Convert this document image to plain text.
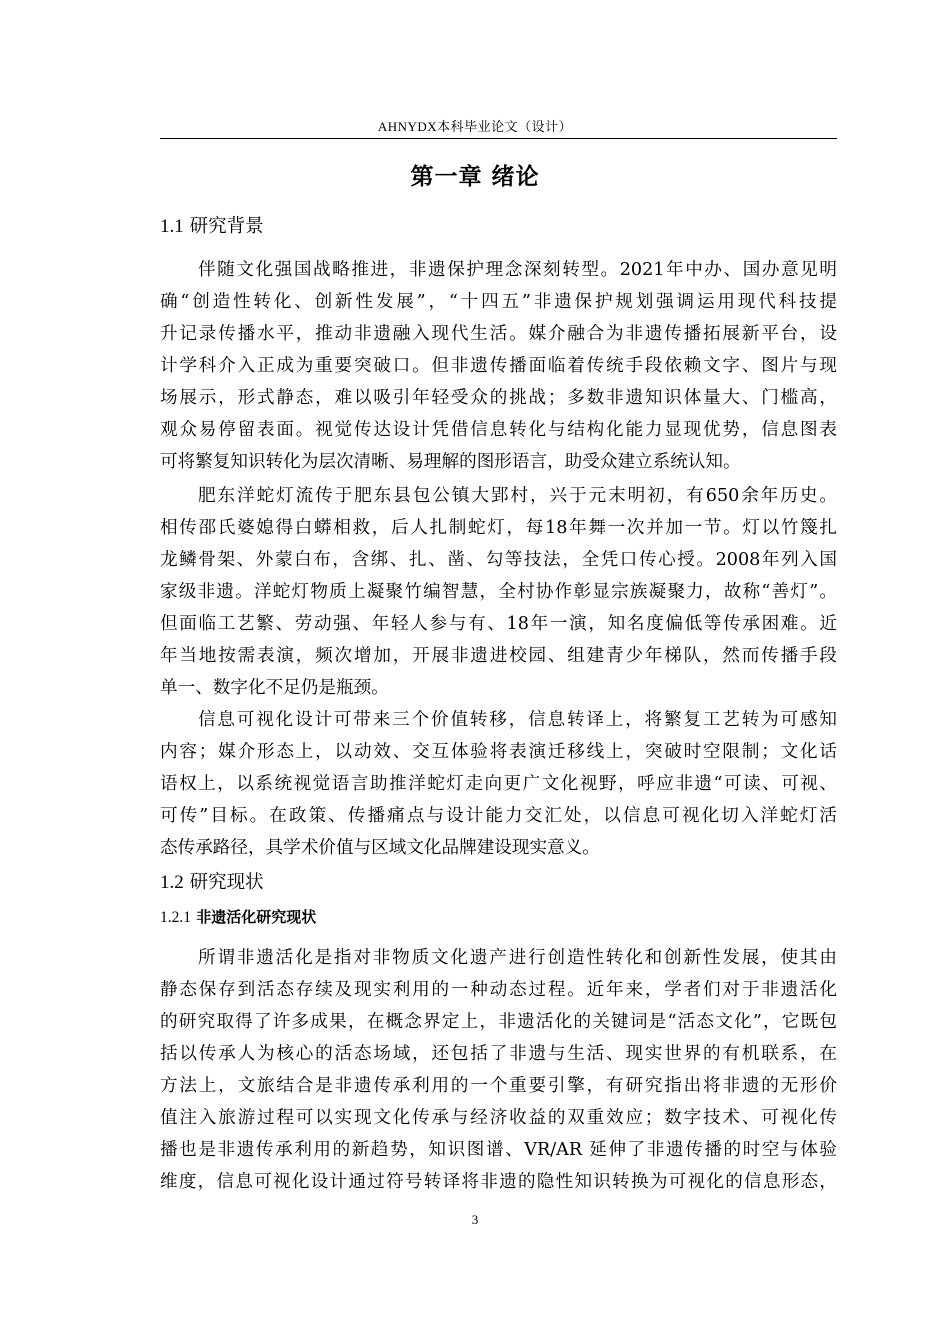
AHNYDX本科毕业论文（设计）
第一章 绪论
1.1 研究背景
伴随文化强国战略推进，非遗保护理念深刻转型。2021年中办、国办意见明
确“创造性转化、创新性发展”，“十四五”非遗保护规划强调运用现代科技提
升记录传播水平，推动非遗融入现代生活。媒介融合为非遗传播拓展新平台，设
计学科介入正成为重要突破口。但非遗传播面临着传统手段依赖文字、图片与现
场展示，形式静态，难以吸引年轻受众的挑战；多数非遗知识体量大、门槛高，
观众易停留表面。视觉传达设计凭借信息转化与结构化能力显现优势，信息图表
可将繁复知识转化为层次清晰、易理解的图形语言，助受众建立系统认知。
肥东洋蛇灯流传于肥东县包公镇大郢村，兴于元末明初，有650余年历史。
相传邵氏婆媳得白蟒相救，后人扎制蛇灯，每18年舞一次并加一节。灯以竹篾扎
龙鳞骨架、外蒙白布，含绑、扎、凿、勾等技法，全凭口传心授。2008年列入国
家级非遗。洋蛇灯物质上凝聚竹编智慧，全村协作彰显宗族凝聚力，故称“善灯”。
但面临工艺繁、劳动强、年轻人参与有、18年一演，知名度偏低等传承困难。近
年当地按需表演，频次增加，开展非遗进校园、组建青少年梯队，然而传播手段
单一、数字化不足仍是瓶颈。
信息可视化设计可带来三个价值转移，信息转译上，将繁复工艺转为可感知
内容；媒介形态上，以动效、交互体验将表演迁移线上，突破时空限制；文化话
语权上，以系统视觉语言助推洋蛇灯走向更广文化视野，呼应非遗“可读、可视、
可传”目标。在政策、传播痛点与设计能力交汇处，以信息可视化切入洋蛇灯活
态传承路径，具学术价值与区域文化品牌建设现实意义。
1.2 研究现状
1.2.1 非遗活化研究现状
所谓非遗活化是指对非物质文化遗产进行创造性转化和创新性发展，使其由
静态保存到活态存续及现实利用的一种动态过程。近年来，学者们对于非遗活化
的研究取得了许多成果，在概念界定上，非遗活化的关键词是“活态文化”，它既包
括以传承人为核心的活态场域，还包括了非遗与生活、现实世界的有机联系，在
方法上，文旅结合是非遗传承利用的一个重要引擎，有研究指出将非遗的无形价
值注入旅游过程可以实现文化传承与经济收益的双重效应；数字技术、可视化传
播也是非遗传承利用的新趋势，知识图谱、VR/AR 延伸了非遗传播的时空与体验
维度，信息可视化设计通过符号转译将非遗的隐性知识转换为可视化的信息形态，
3
